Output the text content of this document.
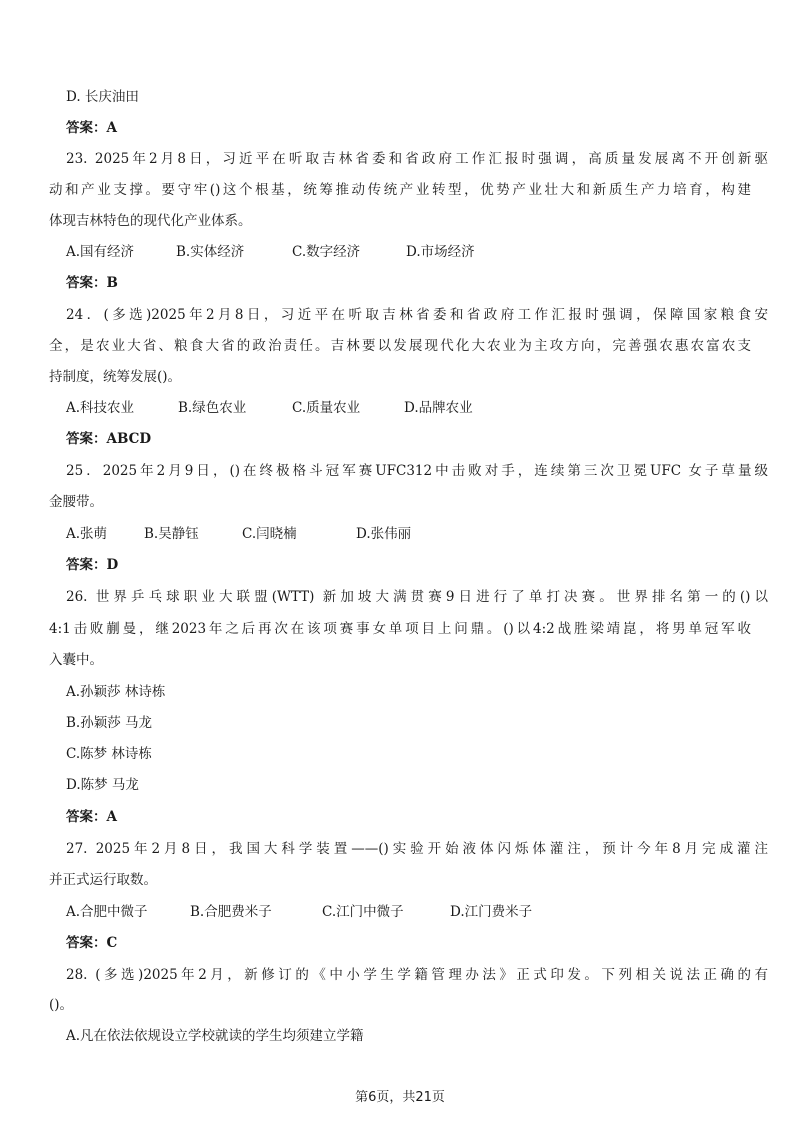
D. 长庆油田
答案：A
23. 2025年2月8日，习近平在听取吉林省委和省政府工作汇报时强调，高质量发展离不开创新驱
动和产业支撑。要守牢()这个根基，统筹推动传统产业转型，优势产业壮大和新质生产力培育，构建
体现吉林特色的现代化产业体系。
A.国有经济	B.实体经济	C.数字经济	D.市场经济
答案：B
24．(多选)2025年2月8日，习近平在听取吉林省委和省政府工作汇报时强调，保障国家粮食安
全，是农业大省、粮食大省的政治责任。吉林要以发展现代化大农业为主攻方向，完善强农惠农富农支
持制度，统筹发展()。
A.科技农业	B.绿色农业	C.质量农业	D.品牌农业
答案：ABCD
25．2025年2月9日，()在终极格斗冠军赛UFC312中击败对手，连续第三次卫冕UFC 女子草量级
金腰带。
A.张萌	B.吴静钰	C.闫晓楠	D.张伟丽
答案：D
26. 世界乒乓球职业大联盟(WTT) 新加坡大满贯赛9日进行了单打决赛。世界排名第一的()以
4:1击败蒯曼，继2023年之后再次在该项赛事女单项目上问鼎。()以4:2战胜梁靖崑，将男单冠军收
入囊中。
A.孙颖莎 林诗栋
B.孙颖莎 马龙
C.陈梦 林诗栋
D.陈梦 马龙
答案：A
27. 2025年2月8日，我国大科学装置——()实验开始液体闪烁体灌注，预计今年8月完成灌注
并正式运行取数。
A.合肥中微子	B.合肥费米子	C.江门中微子	D.江门费米子
答案：C
28. (多选)2025年2月，新修订的《中小学生学籍管理办法》正式印发。下列相关说法正确的有
()。
A.凡在依法依规设立学校就读的学生均须建立学籍
第6页，共21页
